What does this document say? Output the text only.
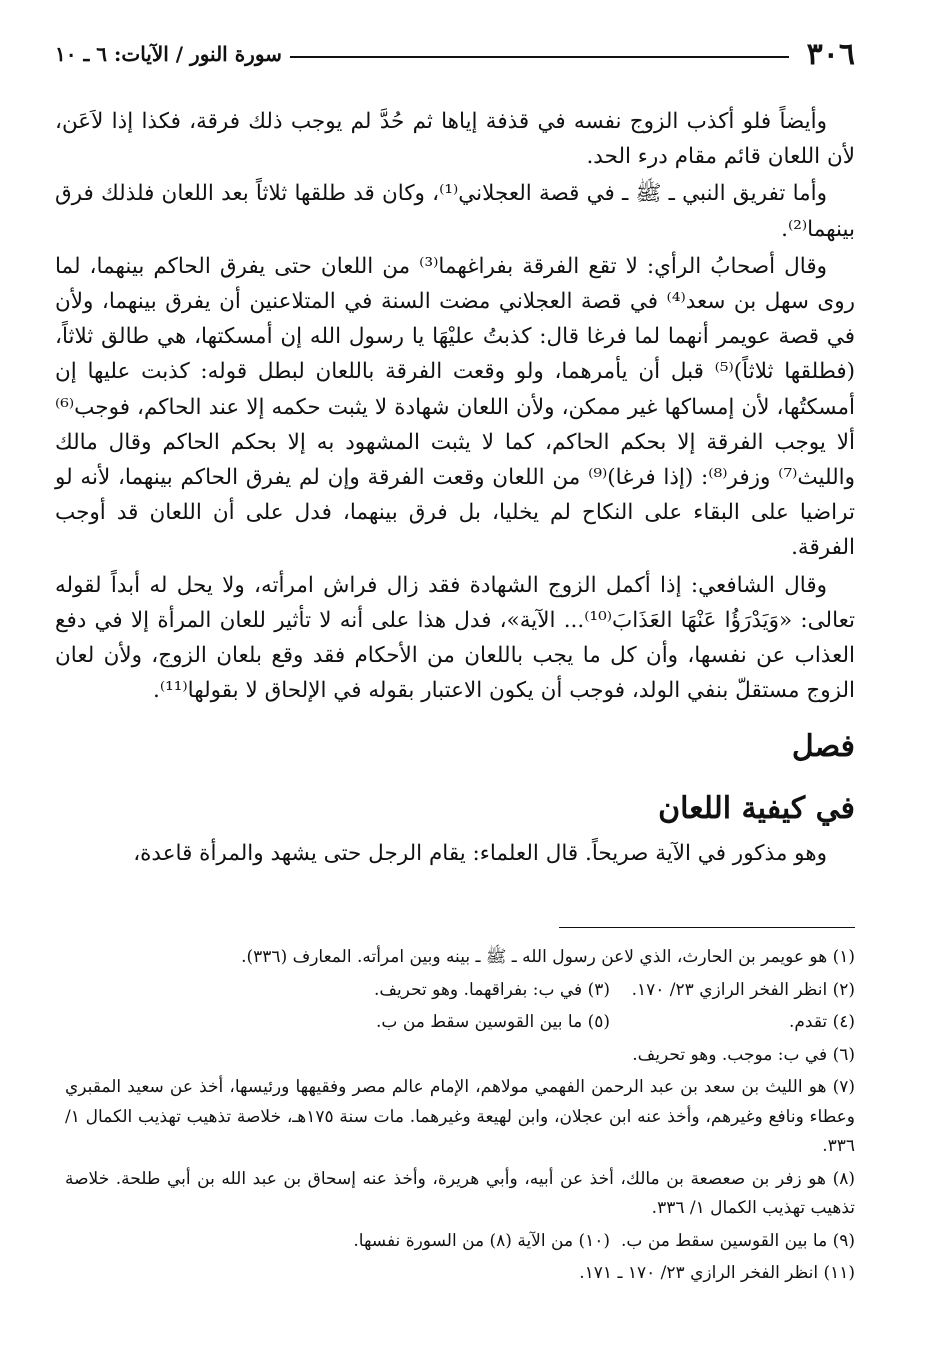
٣٠٦
سورة النور / الآيات: ٦ ـ ١٠

وأيضاً فلو أكذب الزوج نفسه في قذفة إياها ثم حُدَّ لم يوجب ذلك فرقة، فكذا إذا لاَعَن، لأن اللعان قائم مقام درء الحد.

وأما تفريق النبي ـ ﷺ ـ في قصة العجلاني⁽¹⁾، وكان قد طلقها ثلاثاً بعد اللعان فلذلك فرق بينهما⁽²⁾.

وقال أصحابُ الرأي: لا تقع الفرقة بفراغهما⁽³⁾ من اللعان حتى يفرق الحاكم بينهما، لما روى سهل بن سعد⁽⁴⁾ في قصة العجلاني مضت السنة في المتلاعنين أن يفرق بينهما، ولأن في قصة عويمر أنهما لما فرغا قال: كذبتُ عليْهَا يا رسول الله إن أمسكتها، هي طالق ثلاثاً، (فطلقها ثلاثاً)⁽⁵⁾ قبل أن يأمرهما، ولو وقعت الفرقة باللعان لبطل قوله: كذبت عليها إن أمسكتُها، لأن إمساكها غير ممكن، ولأن اللعان شهادة لا يثبت حكمه إلا عند الحاكم، فوجب⁽⁶⁾ ألا يوجب الفرقة إلا بحكم الحاكم، كما لا يثبت المشهود به إلا بحكم الحاكم وقال مالك والليث⁽⁷⁾ وزفر⁽⁸⁾: (إذا فرغا)⁽⁹⁾ من اللعان وقعت الفرقة وإن لم يفرق الحاكم بينهما، لأنه لو تراضيا على البقاء على النكاح لم يخليا، بل فرق بينهما، فدل على أن اللعان قد أوجب الفرقة.

وقال الشافعي: إذا أكمل الزوج الشهادة فقد زال فراش امرأته، ولا يحل له أبداً لقوله تعالى: «وَيَدْرَؤُا عَنْهَا العَذَابَ⁽¹⁰⁾... الآية»، فدل هذا على أنه لا تأثير للعان المرأة إلا في دفع العذاب عن نفسها، وأن كل ما يجب باللعان من الأحكام فقد وقع بلعان الزوج، ولأن لعان الزوج مستقلّ بنفي الولد، فوجب أن يكون الاعتبار بقوله في الإلحاق لا بقولها⁽¹¹⁾.

فصل
في كيفية اللعان

وهو مذكور في الآية صريحاً. قال العلماء: يقام الرجل حتى يشهد والمرأة قاعدة،

(١) هو عويمر بن الحارث، الذي لاعن رسول الله ـ ﷺ ـ بينه وبين امرأته. المعارف (٣٣٦).

(٢) انظر الفخر الرازي ٢٣/ ١٧٠.
(٣) في ب: بفراقهما. وهو تحريف.
(٤) تقدم.
(٥) ما بين القوسين سقط من ب.

(٦) في ب: موجب. وهو تحريف.

(٧) هو الليث بن سعد بن عبد الرحمن الفهمي مولاهم، الإمام عالم مصر وفقيهها ورئيسها، أخذ عن سعيد المقبري وعطاء ونافع وغيرهم، وأخذ عنه ابن عجلان، وابن لهيعة وغيرهما. مات سنة ١٧٥هـ، خلاصة تذهيب تهذيب الكمال ١/ ٣٣٦.

(٨) هو زفر بن صعصعة بن مالك، أخذ عن أبيه، وأبي هريرة، وأخذ عنه إسحاق بن عبد الله بن أبي طلحة. خلاصة تذهيب تهذيب الكمال ١/ ٣٣٦.

(٩) ما بين القوسين سقط من ب.
(١٠) من الآية (٨) من السورة نفسها.

(١١) انظر الفخر الرازي ٢٣/ ١٧٠ ـ ١٧١.
